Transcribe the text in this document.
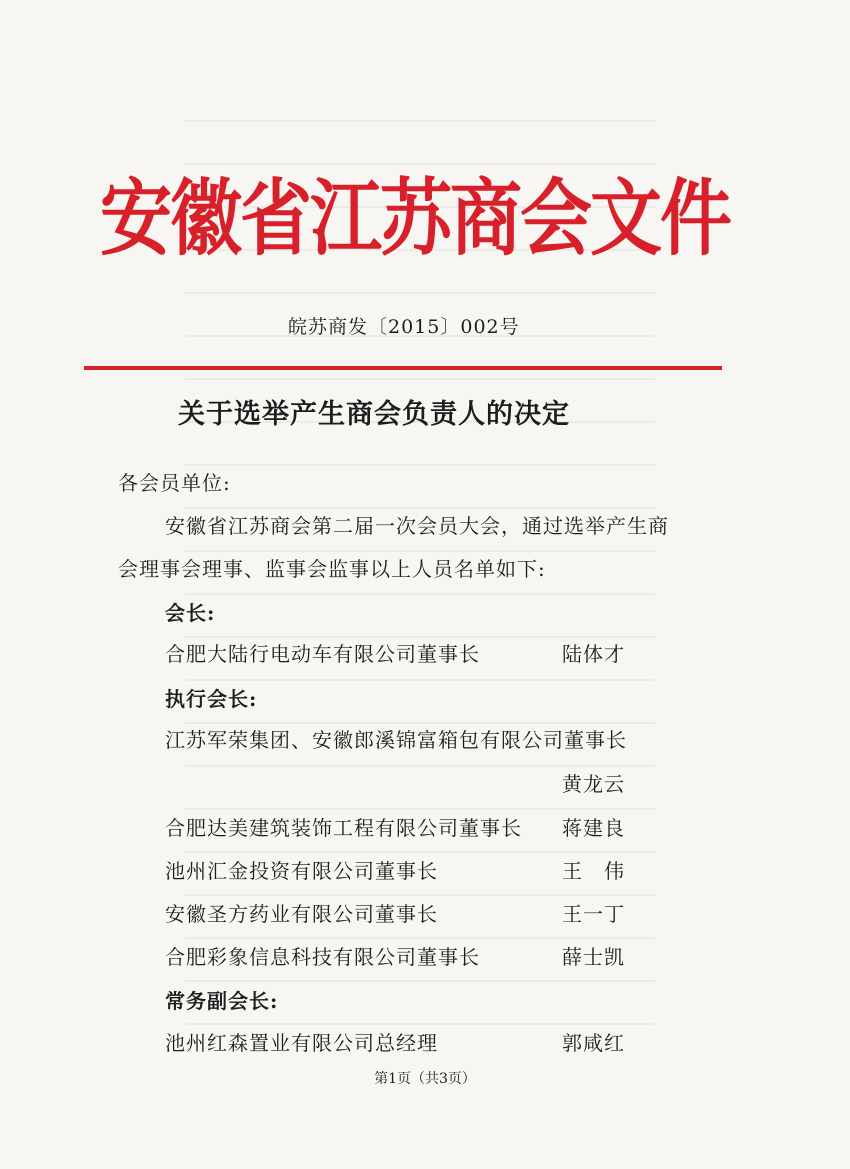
安徽省江苏商会文件
皖苏商发〔2015〕002号
关于选举产生商会负责人的决定
各会员单位:
安徽省江苏商会第二届一次会员大会，通过选举产生商
会理事会理事、监事会监事以上人员名单如下:
会长:
合肥大陆行电动车有限公司董事长	陆体才
执行会长:
江苏军荣集团、安徽郎溪锦富箱包有限公司董事长
黄龙云
合肥达美建筑装饰工程有限公司董事长 蒋建良
池州汇金投资有限公司董事长	王　伟
安徽圣方药业有限公司董事长	王一丁
合肥彩象信息科技有限公司董事长	薛士凯
常务副会长:
池州红森置业有限公司总经理	郭咸红
第1页（共3页）
